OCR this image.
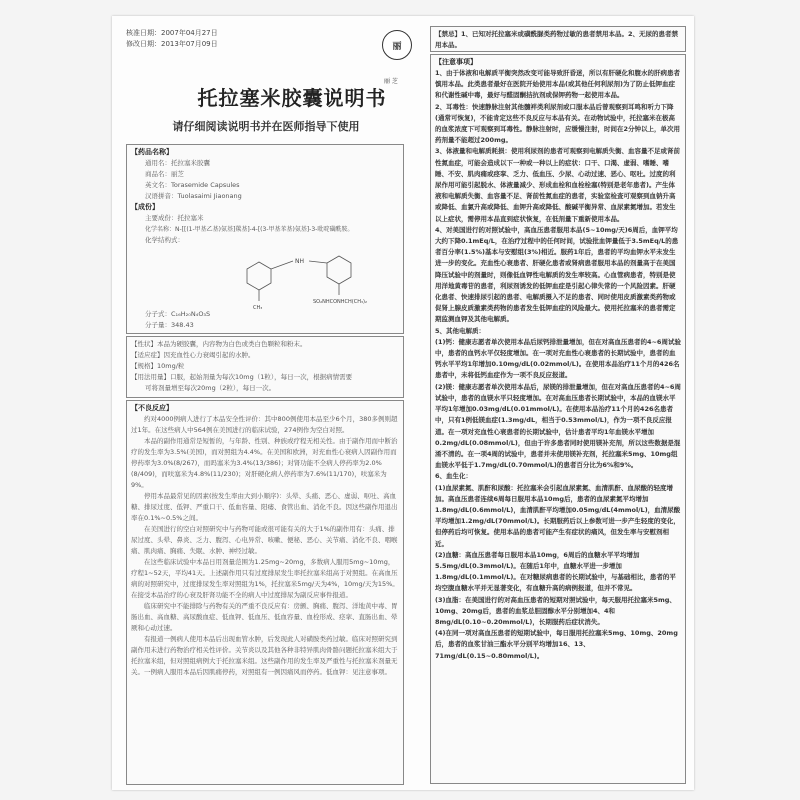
核准日期：2007年04月27日
修改日期：2013年07月09日	丽
丽 芝
托拉塞米胶囊说明书
请仔细阅读说明书并在医师指导下使用
【药品名称】
通用名：托拉塞米胶囊
商品名：丽芝
英文名：Torasemide Capsules
汉语拼音：Tuolasaimi Jiaonang
【成份】
主要成份：托拉塞米
化学名称：N-[[(1-甲基乙基)氨基]羰基]-4-[(3-甲基苯基)氨基]-3-吡啶磺酰胺。
化学结构式：
NH
CH₃
SO₂NHCONHCH(CH₃)₂
分子式：C₁₆H₂₀N₄O₃S
分子量：348.43
【性状】本品为硬胶囊，内容物为白色或类白色颗粒和粉末。
【适应症】因充血性心力衰竭引起的水肿。
【规格】10mg/粒
【用法用量】口服，起始剂量为每次10mg（1粒），每日一次，根据病情需要
可将剂量增至每次20mg（2粒），每日一次。
【不良反应】

约对4000例病人进行了本品安全性评价：其中800例使用本品至少6个月，380多例则超过1年。在这些病人中564例在美国进行的临床试验，274例作为空白对照。

本品的副作用通常是短暂的，与年龄、性别、种族或疗程无相关性。由于副作用而中断治疗的发生率为3.5%(美国)，而对照组为4.4%。在美国和欧洲，对充血性心衰病人因副作用而停药率为3.0%(8/267)，而吗塞米为3.4%(13/386)；对肾功能不全病人停药率为2.0%(8/409)，而呋塞米为4.8%(11/230)；对肝硬化病人停药率为7.6%(11/170)，呋塞米为9%。

停用本品最常见的因素(按发生率由大到小顺序)：头晕、头痛、恶心、虚弱、呕吐、高血糖、排尿过度、低钾、严重口干、低血容量、阳痿、食管出血、消化不良。因这些副作用退出率在0.1%~0.5%之间。

在美国进行的空白对照研究中与药物可能或很可能有关的大于1%的副作用有：头痛、排尿过度、头晕、鼻炎、乏力、腹泻、心电异常、咳嗽、便秘、恶心、关节痛、消化不良、咽喉痛、肌肉痛、胸痛、失眠、水肿、神经过敏。

在这些临床试验中本品日用剂量范围为1.25mg~20mg，多数病人服用5mg~10mg，疗程1~52天，平均41天。上述副作用只有过度排尿发生率托拉塞米组高于对照组。在高血压病的对照研究中，过度排尿发生率对照组为1%，托拉塞米5mg/天为4%，10mg/天为15%。在接受本品治疗的心衰及肝肾功能不全的病人中过度排尿为副反应事件报道。

临床研究中不能排除与药物有关的严重不良反应有：房颤、胸痛、腹泻、洋地黄中毒、胃肠出血、高血糖、高尿酸血症、低血钾、低血压、低血容量、血栓形成、痉挛、直肠出血、晕厥和心动过速。

有报道一例病人使用本品后出现血管水肿，后发现此人对磺胺类药过敏。临床对照研究到副作用未进行药物治疗相关性评价。关节炎以及其他各种非特异肌肉骨骼问题托拉塞米组大于托拉塞米组，但对照组病例大于托拉塞米组。这些副作用的发生率及严重性与托拉塞米剂量无关。一例病人服用本品后因肌痛停药，对照组有一例因痛风而停药。低血钾：见注意事项。

【禁忌】1、已知对托拉塞米或磺酰脲类药物过敏的患者禁用本品。2、无尿的患者禁用本品。

【注意事项】

1、由于体液和电解质平衡突然改变可能导致肝昏迷，所以有肝硬化和腹水的肝病患者慎用本品。此类患者最好在医院开始使用本品(或其他任何利尿剂)为了防止低钾血症和代谢性碱中毒，最好与醛固酮拮抗剂或保钾药物一起使用本品。

2、耳毒性：快速静脉注射其他髓袢类利尿剂或口服本品后曾观察到耳鸣和听力下降(通常可恢复)，不能肯定这些不良反应与本品有关。在动物试验中，托拉塞米在极高的血浆浓度下可观察到耳毒性。静脉注射时，应缓慢注射，时间在2分钟以上，单次用药剂量不能超过200mg。

3、体液量和电解质耗损：使用利尿剂的患者可观察到电解质失衡、血容量不足或肾前性氮血症，可能会造成以下一种或一种以上的症状：口干、口渴、虚弱、嗜睡、嗜睡、不安、肌肉痛或痉挛、乏力、低血压、少尿、心动过速、恶心、呕吐。过度的利尿作用可能引起脱水、体液量减少、形成血栓和血栓栓塞(特别是老年患者)。产生体液和电解质失衡、血容量不足、肾前性氮血症的患者，实验室检查可观察到血钠升高或降低、血氯升高或降低、血钾升高或降低、酸碱平衡异常、血尿素氮增加。若发生以上症状，需停用本品直到症状恢复，在低剂量下重新使用本品。

4、对美国进行的对照试验中，高血压患者服用本品(5~10mg/天)6周后，血钾平均大约下降0.1mEq/L，在治疗过程中的任何时间，试验批血钾量低于3.5mEq/L的患者百分率(1.5%)基本与安慰组(3%)相近。服药1年后，患者的平均血钾水平未发生进一步的变化。充血性心衰患者、肝硬化患者或肾病患者服用本品的剂量高于在美国降压试验中的剂量时，则像低血钾性电解质的发生率较高。心血管病患者，特别是使用洋地黄毒苷的患者，利尿剂诱发的低钾血症是引起心律失常的一个风险因素。肝硬化患者、快速排尿引起的患者、电解质摄入不足的患者、同时使用皮质激素类药物或促肾上腺皮质激素类药物的患者发生低钾血症的风险最大。使用托拉塞米的患者需定期监测血钾及其他电解质。

5、其他电解质：

(1)钙：健康志愿者单次使用本品后尿钙排泄量增加，但在对高血压患者的4~6周试验中，患者的血钙水平仅轻度增加。在一项对充血性心衰患者的长期试验中，患者的血钙水平平均1年增加0.10mg/dL(0.02mmol/L)。在使用本品治疗11个月的426名患者中，未将低钙血症作为一项不良反应报道。

(2)镁：健康志愿者单次使用本品后，尿镁的排泄量增加，但在对高血压患者的4~6周试验中，患者的血镁水平只轻度增加。在对高血压患者长期试验中，本品的血镁水平平均1年增加0.03mg/dL(0.01mmol/L)。在使用本品治疗11个月的426名患者中，只有1例低镁血症(1.3mg/dL，相当于0.53mmol/L)，作为一项不良反应报道。在一项对充血性心衰患者的长期试验中，估计患者平均1年血镁水平增加0.2mg/dL(0.08mmol/L)，但由于许多患者同时使用镁补充剂，所以这些数据是混淆不清的。在一项4周的试验中，患者并未使用镁补充剂，托拉塞米5mg、10mg组血镁水平低于1.7mg/dL(0.70mmol/L)的患者百分比为6%和9%。

6、血生化：

(1)血尿素氮、肌酐和尿酸：托拉塞米会引起血尿素氮、血清肌酐、血尿酸的轻度增加。高血压患者连续6周每日服用本品10mg后，患者的血尿素氮平均增加1.8mg/dL(0.6mmol/L)，血清肌酐平均增加0.05mg/dL(4mmol/L)，血清尿酸平均增加1.2mg/dL(70mmol/L)。长期服药后以上参数可进一步产生轻度的变化，但停药后均可恢复。使用本品的患者可能产生有症状的痛风，但发生率与安慰剂相近。

(2)血糖：高血压患者每日服用本品10mg，6周后的血糖水平平均增加5.5mg/dL(0.3mmol/L)。在随后1年中，血糖水平进一步增加1.8mg/dL(0.1mmol/L)。在对糖尿病患者的长期试验中，与基础相比，患者的平均空腹血糖水平并无显著变化，有血糖升高的病例报道，但并不常见。

(3)血脂：在美国进行的对高血压患者的短期对照试验中，每天服用托拉塞米5mg、10mg、20mg后，患者的血浆总胆固醇水平分别增加4、4和8mg/dL(0.10~0.20mmol/L)，长期服药后症状消失。

(4)在同一项对高血压患者的短期试验中，每日服用托拉塞米5mg、10mg、20mg后，患者的血浆甘油三酯水平分别平均增加16、13、71mg/dL(0.15~0.80mmol/L)。
